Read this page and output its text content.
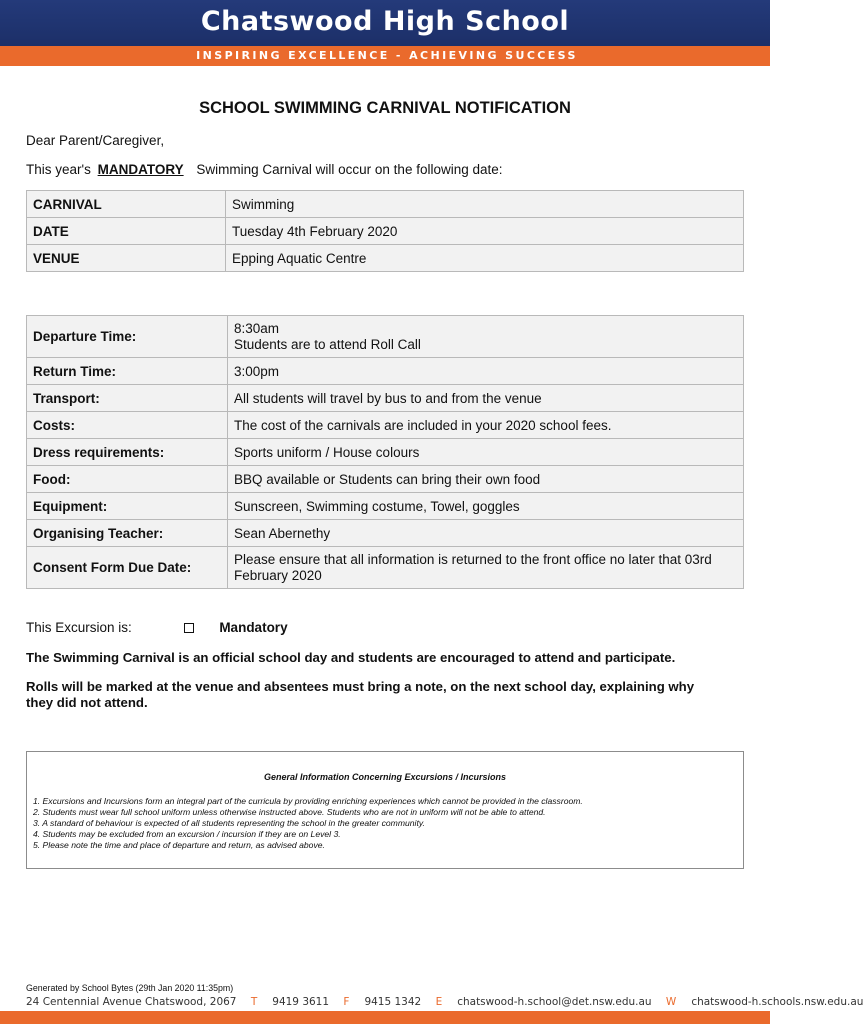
Chatswood High School
INSPIRING EXCELLENCE - ACHIEVING SUCCESS
SCHOOL SWIMMING CARNIVAL NOTIFICATION
Dear Parent/Caregiver,
This year's MANDATORY Swimming Carnival will occur on the following date:
CARNIVAL	Swimming
DATE	Tuesday 4th February 2020
VENUE	Epping Aquatic Centre
Departure Time:	8:30am
Students are to attend Roll Call

Return Time:	3:00pm
Transport:	All students will travel by bus to and from the venue
Costs:	The cost of the carnivals are included in your 2020 school fees.
Dress requirements:	Sports uniform / House colours
Food:	BBQ available or Students can bring their own food
Equipment:	Sunscreen, Swimming costume, Towel, goggles
Organising Teacher:	Sean Abernethy
Consent Form Due Date:	Please ensure that all information is returned to the front office no later that 03rd
February 2020
This Excursion is:	Mandatory
The Swimming Carnival is an official school day and students are encouraged to attend and participate.
Rolls will be marked at the venue and absentees must bring a note, on the next school day, explaining why
they did not attend.
General Information Concerning Excursions / Incursions
1. Excursions and Incursions form an integral part of the curricula by providing enriching experiences which cannot be provided in the classroom.
2. Students must wear full school uniform unless otherwise instructed above. Students who are not in uniform will not be able to attend.
3. A standard of behaviour is expected of all students representing the school in the greater community.
4. Students may be excluded from an excursion / incursion if they are on Level 3.
5. Please note the time and place of departure and return, as advised above.
Generated by School Bytes (29th Jan 2020 11:35pm)
24 Centennial Avenue Chatswood, 2067 T 9419 3611 F 9415 1342 E chatswood-h.school@det.nsw.edu.au W chatswood-h.schools.nsw.edu.au
